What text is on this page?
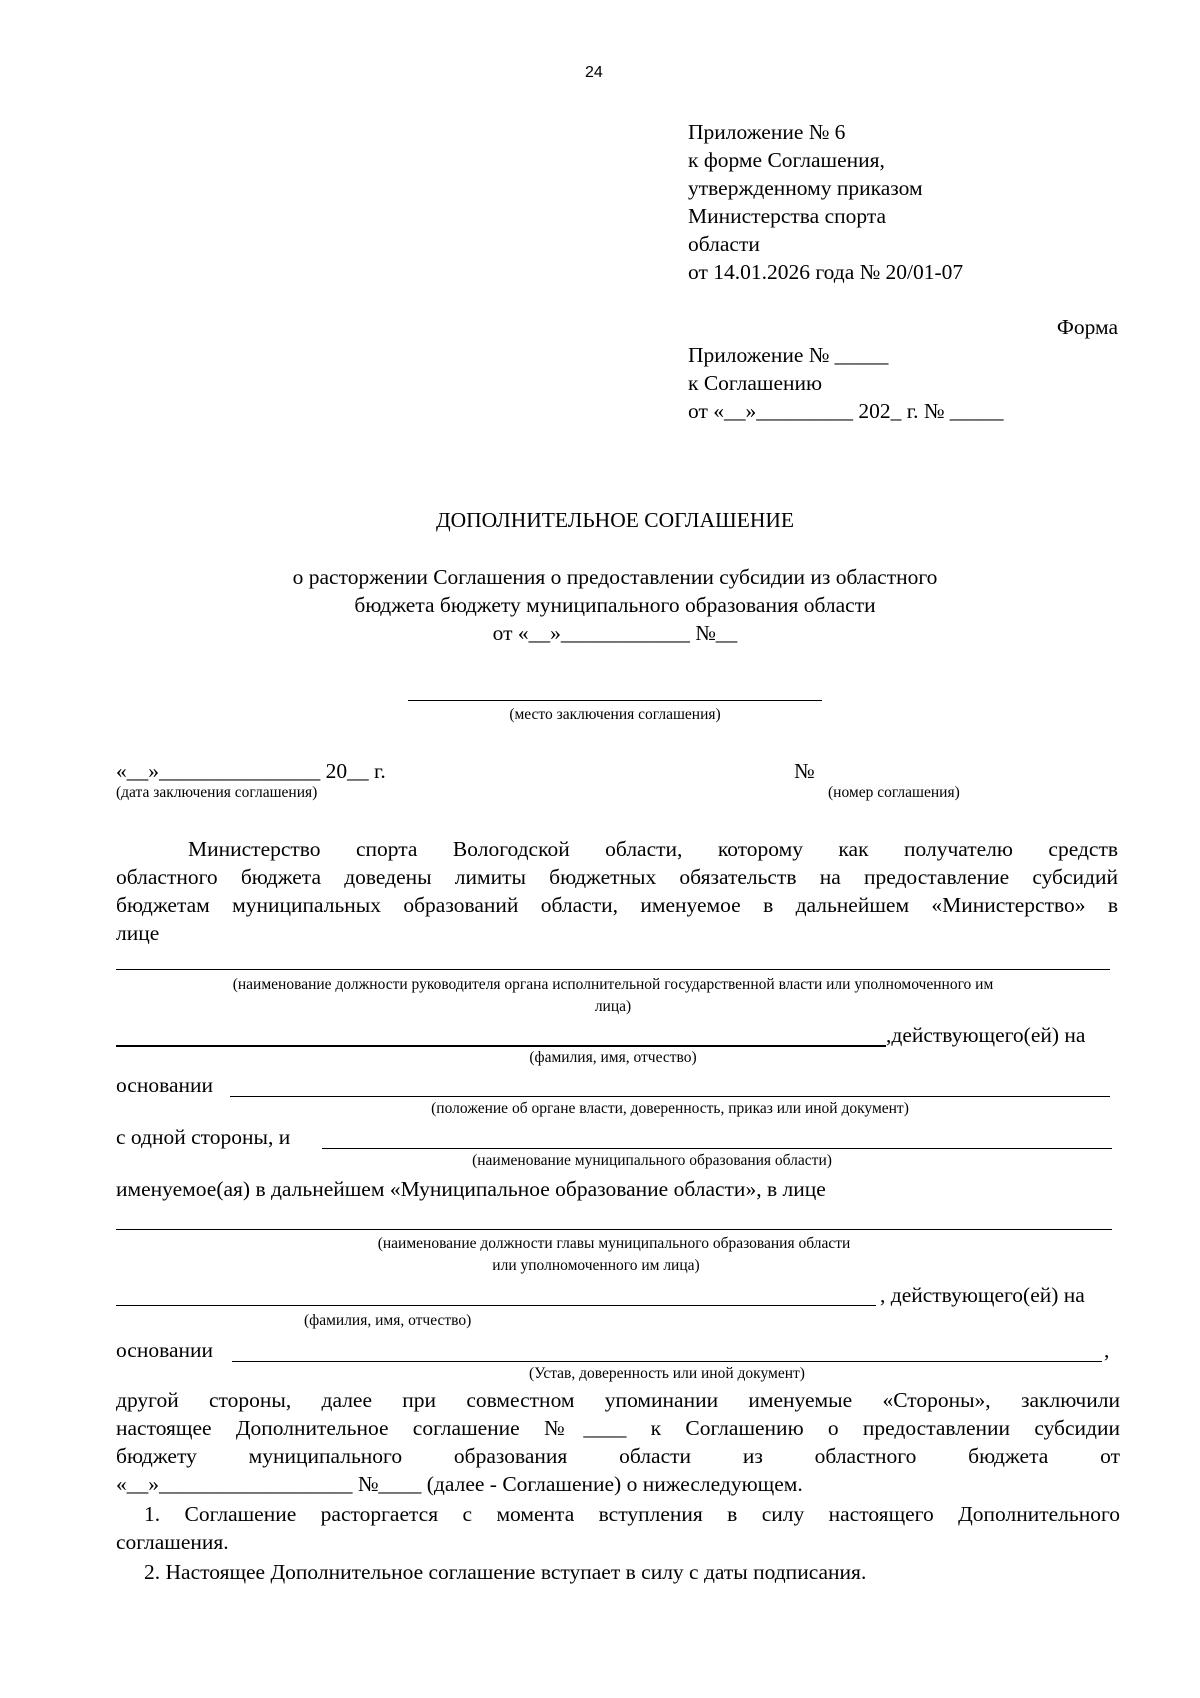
24
Приложение № 6
к форме Соглашения,
утвержденному приказом
Министерства спорта
области
от 14.01.2026 года № 20/01-07
Форма
Приложение № _____
к Соглашению
от «__»_________ 202_ г. № _____
ДОПОЛНИТЕЛЬНОЕ СОГЛАШЕНИЕ
о расторжении Соглашения о предоставлении субсидии из областного
бюджета бюджету муниципального образования области
от «__»____________ №__
(место заключения соглашения)
«__»_______________ 20__ г.
(дата заключения соглашения)
№
(номер соглашения)
Министерство спорта Вологодской области, которому как получателю средств
областного бюджета доведены лимиты бюджетных обязательств на предоставление субсидий
бюджетам муниципальных образований области, именуемое в дальнейшем «Министерство» в
лице
(наименование должности руководителя органа исполнительной государственной власти или уполномоченного им
лица)
,действующего(ей) на
(фамилия, имя, отчество)
основании
(положение об органе власти, доверенность, приказ или иной документ)
с одной стороны, и
(наименование муниципального образования области)
именуемое(ая) в дальнейшем «Муниципальное образование области», в лице
(наименование должности главы муниципального образования области
или уполномоченного им лица)
, действующего(ей) на
(фамилия, имя, отчество)
основании	,
(Устав, доверенность или иной документ)
другой стороны, далее при совместном упоминании именуемые «Стороны», заключили
настоящее Дополнительное соглашение №____ к Соглашению о предоставлении субсидии
бюджету муниципального образования области из областного бюджета от
«__»__________________ №____ (далее - Соглашение) о нижеследующем.
1. Соглашение расторгается с момента вступления в силу настоящего Дополнительного
соглашения.
2. Настоящее Дополнительное соглашение вступает в силу с даты подписания.
